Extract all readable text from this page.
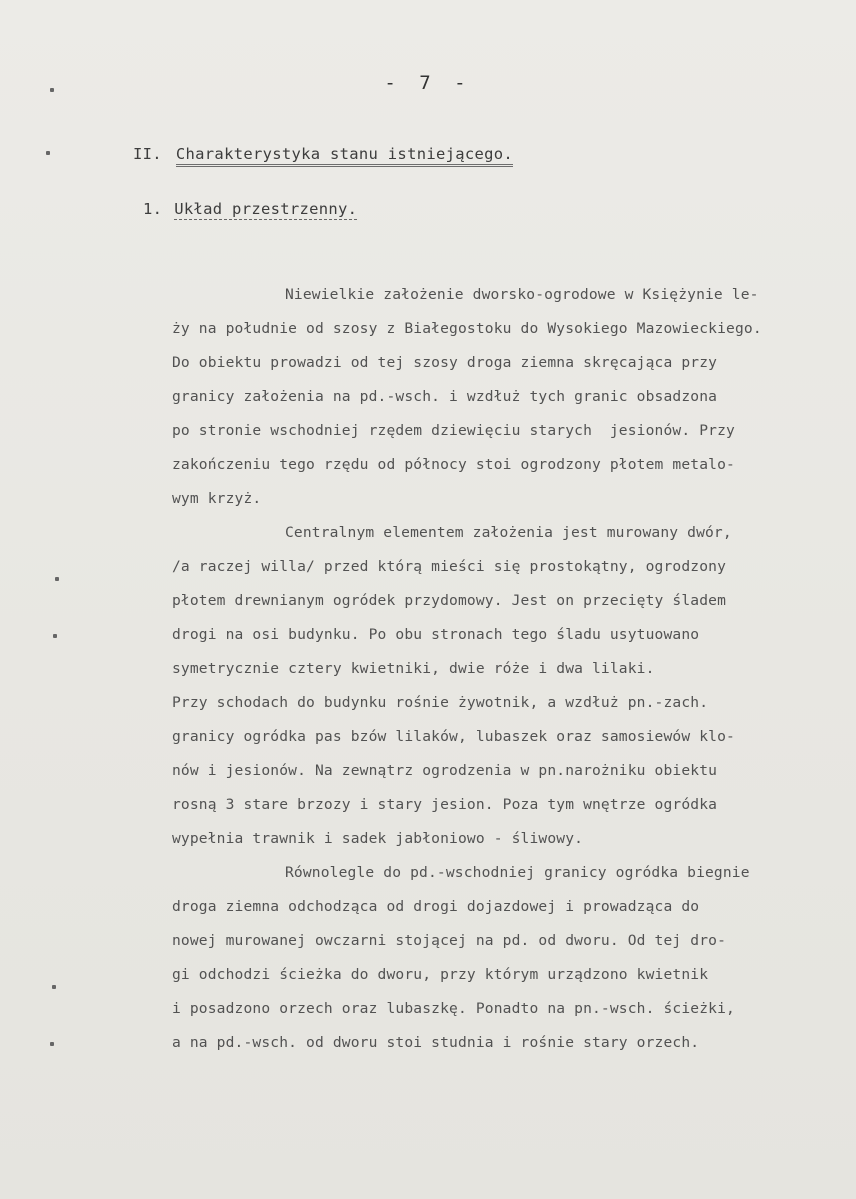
- 7 -
II. Charakterystyka stanu istniejącego.
1. Układ przestrzenny.
Niewielkie założenie dworsko-ogrodowe w Księżynie le-
ży na południe od szosy z Białegostoku do Wysokiego Mazowieckiego.
Do obiektu prowadzi od tej szosy droga ziemna skręcająca przy
granicy założenia na pd.-wsch. i wzdłuż tych granic obsadzona
po stronie wschodniej rzędem dziewięciu starych  jesionów. Przy
zakończeniu tego rzędu od północy stoi ogrodzony płotem metalo-
wym krzyż.
Centralnym elementem założenia jest murowany dwór,
/a raczej willa/ przed którą mieści się prostokątny, ogrodzony
płotem drewnianym ogródek przydomowy. Jest on przecięty śladem
drogi na osi budynku. Po obu stronach tego śladu usytuowano
symetrycznie cztery kwietniki, dwie róże i dwa lilaki.
Przy schodach do budynku rośnie żywotnik, a wzdłuż pn.-zach.
granicy ogródka pas bzów lilaków, lubaszek oraz samosiewów klo-
nów i jesionów. Na zewnątrz ogrodzenia w pn.narożniku obiektu
rosną 3 stare brzozy i stary jesion. Poza tym wnętrze ogródka
wypełnia trawnik i sadek jabłoniowo - śliwowy.
Równolegle do pd.-wschodniej granicy ogródka biegnie
droga ziemna odchodząca od drogi dojazdowej i prowadząca do
nowej murowanej owczarni stojącej na pd. od dworu. Od tej dro-
gi odchodzi ścieżka do dworu, przy którym urządzono kwietnik
i posadzono orzech oraz lubaszkę. Ponadto na pn.-wsch. ścieżki,
a na pd.-wsch. od dworu stoi studnia i rośnie stary orzech.
